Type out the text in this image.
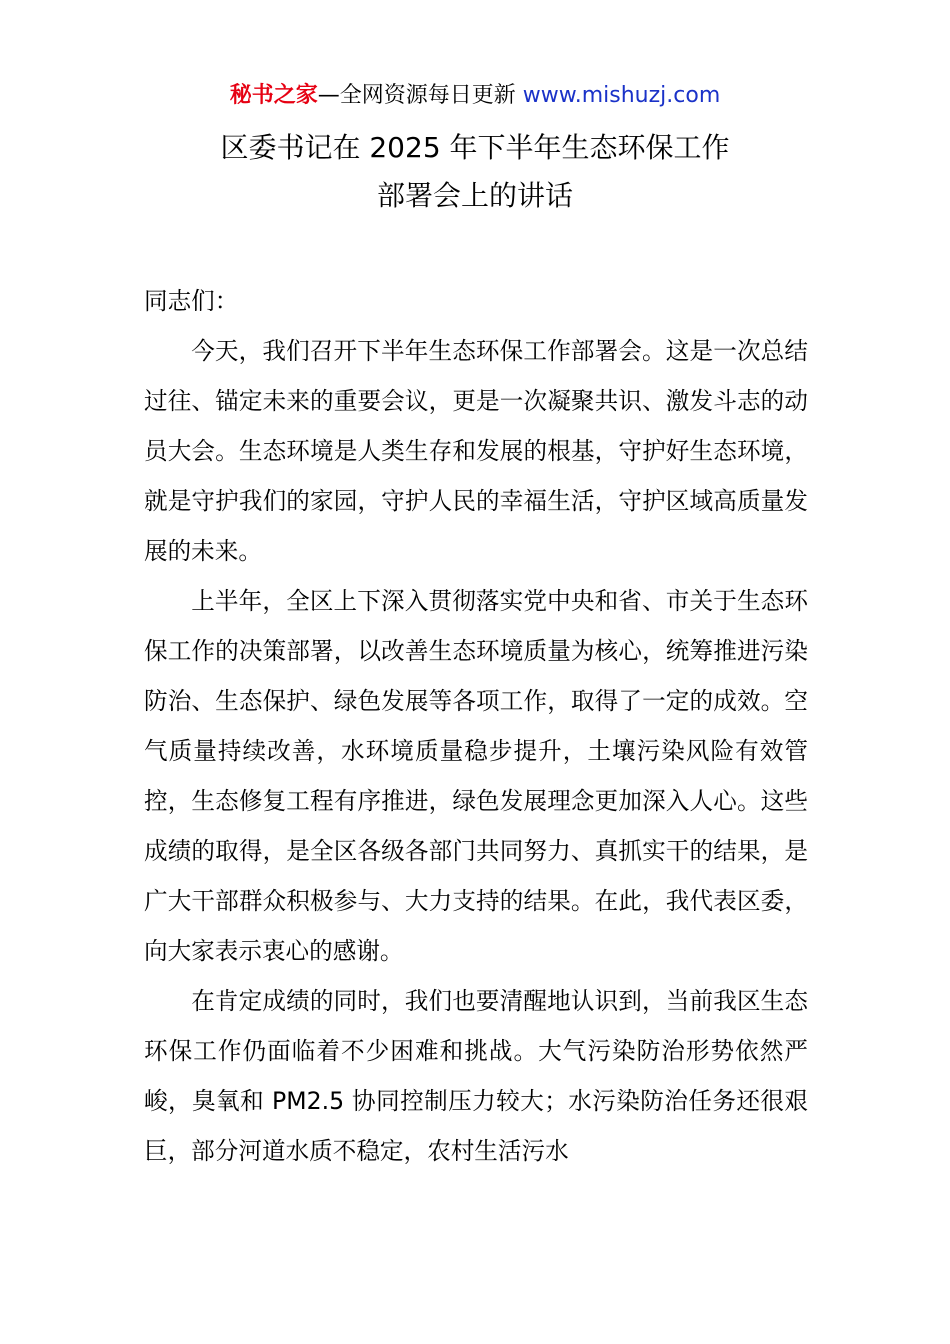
秘书之家—全网资源每日更新 www.mishuzj.com
区委书记在 2025 年下半年生态环保工作
部署会上的讲话

同志们：

今天，我们召开下半年生态环保工作部署会。这是一次总结过往、锚定未来的重要会议，更是一次凝聚共识、激发斗志的动员大会。生态环境是人类生存和发展的根基，守护好生态环境，就是守护我们的家园，守护人民的幸福生活，守护区域高质量发展的未来。

上半年，全区上下深入贯彻落实党中央和省、市关于生态环保工作的决策部署，以改善生态环境质量为核心，统筹推进污染防治、生态保护、绿色发展等各项工作，取得了一定的成效。空气质量持续改善，水环境质量稳步提升，土壤污染风险有效管控，生态修复工程有序推进，绿色发展理念更加深入人心。这些成绩的取得，是全区各级各部门共同努力、真抓实干的结果，是广大干部群众积极参与、大力支持的结果。在此，我代表区委，向大家表示衷心的感谢。

在肯定成绩的同时，我们也要清醒地认识到，当前我区生态环保工作仍面临着不少困难和挑战。大气污染防治形势依然严峻，臭氧和 PM2.5 协同控制压力较大；水污染防治任务还很艰巨，部分河道水质不稳定，农村生活污水
